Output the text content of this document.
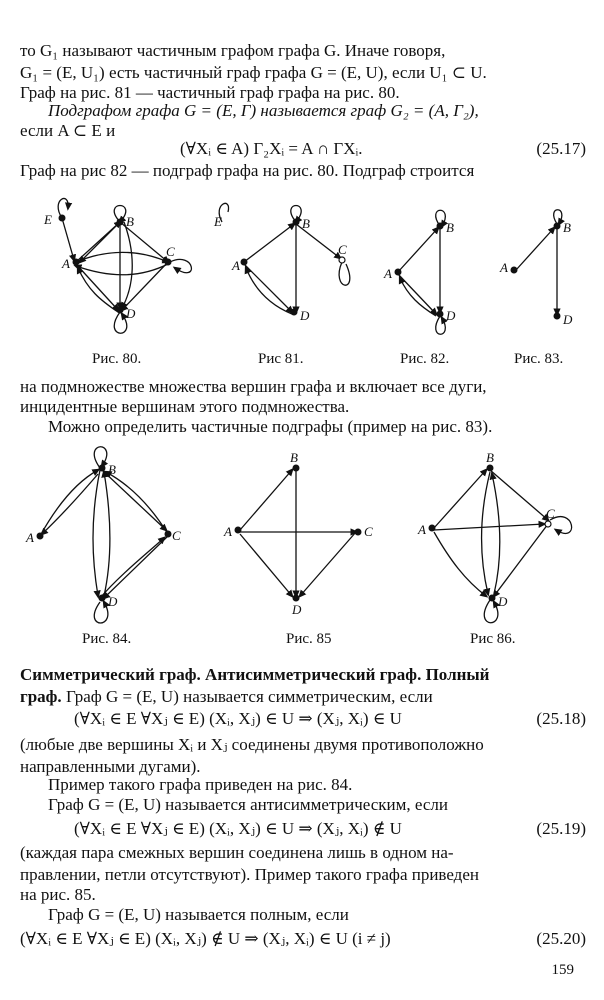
то G₁ называют частичным графом графа G. Иначе говоря,
G₁ = (E, U₁) есть частичный граф графа G = (E, U), если U₁ ⊂ U.
Граф на рис. 81 — частичный граф графа на рис. 80.
Подграфом графа G = (E, Γ) называется граф G₂ = (A, Γ₂),
если A ⊂ E и
(∀Xᵢ ∈ A) Γ₂Xᵢ = A ∩ ΓXᵢ.	(25.17)
Граф на рис 82 — подграф графа на рис. 80. Подграф строится
E
A
B
C
D
E
A
B
C
D
A
B
D
A
B
D
B
A	C
D
B
A	C
D
B
A
C
D
Рис. 80.	Рис 81.	Рис. 82.	Рис. 83.
на подмножестве множества вершин графа и включает все дуги,
инцидентные вершинам этого подмножества.
Можно определить частичные подграфы (пример на рис. 83).
Рис. 84.	Рис. 85	Рис 86.
Симметрический граф. Антисимметрический граф. Полный
граф. Граф G = (E, U) называется симметрическим, если
(∀Xᵢ ∈ E ∀Xⱼ ∈ E) (Xᵢ, Xⱼ) ∈ U ⇒ (Xⱼ, Xᵢ) ∈ U	(25.18)
(любые две вершины Xᵢ и Xⱼ соединены двумя противоположно
направленными дугами).
Пример такого графа приведен на рис. 84.
Граф G = (E, U) называется антисимметрическим, если
(∀Xᵢ ∈ E ∀Xⱼ ∈ E) (Xᵢ, Xⱼ) ∈ U ⇒ (Xⱼ, Xᵢ) ∉ U	(25.19)
(каждая пара смежных вершин соединена лишь в одном на-
правлении, петли отсутствуют). Пример такого графа приведен
на рис. 85.
Граф G = (E, U) называется полным, если
(∀Xᵢ ∈ E ∀Xⱼ ∈ E) (Xᵢ, Xⱼ) ∉ U ⇒ (Xⱼ, Xᵢ) ∈ U (i ≠ j)	(25.20)
159
